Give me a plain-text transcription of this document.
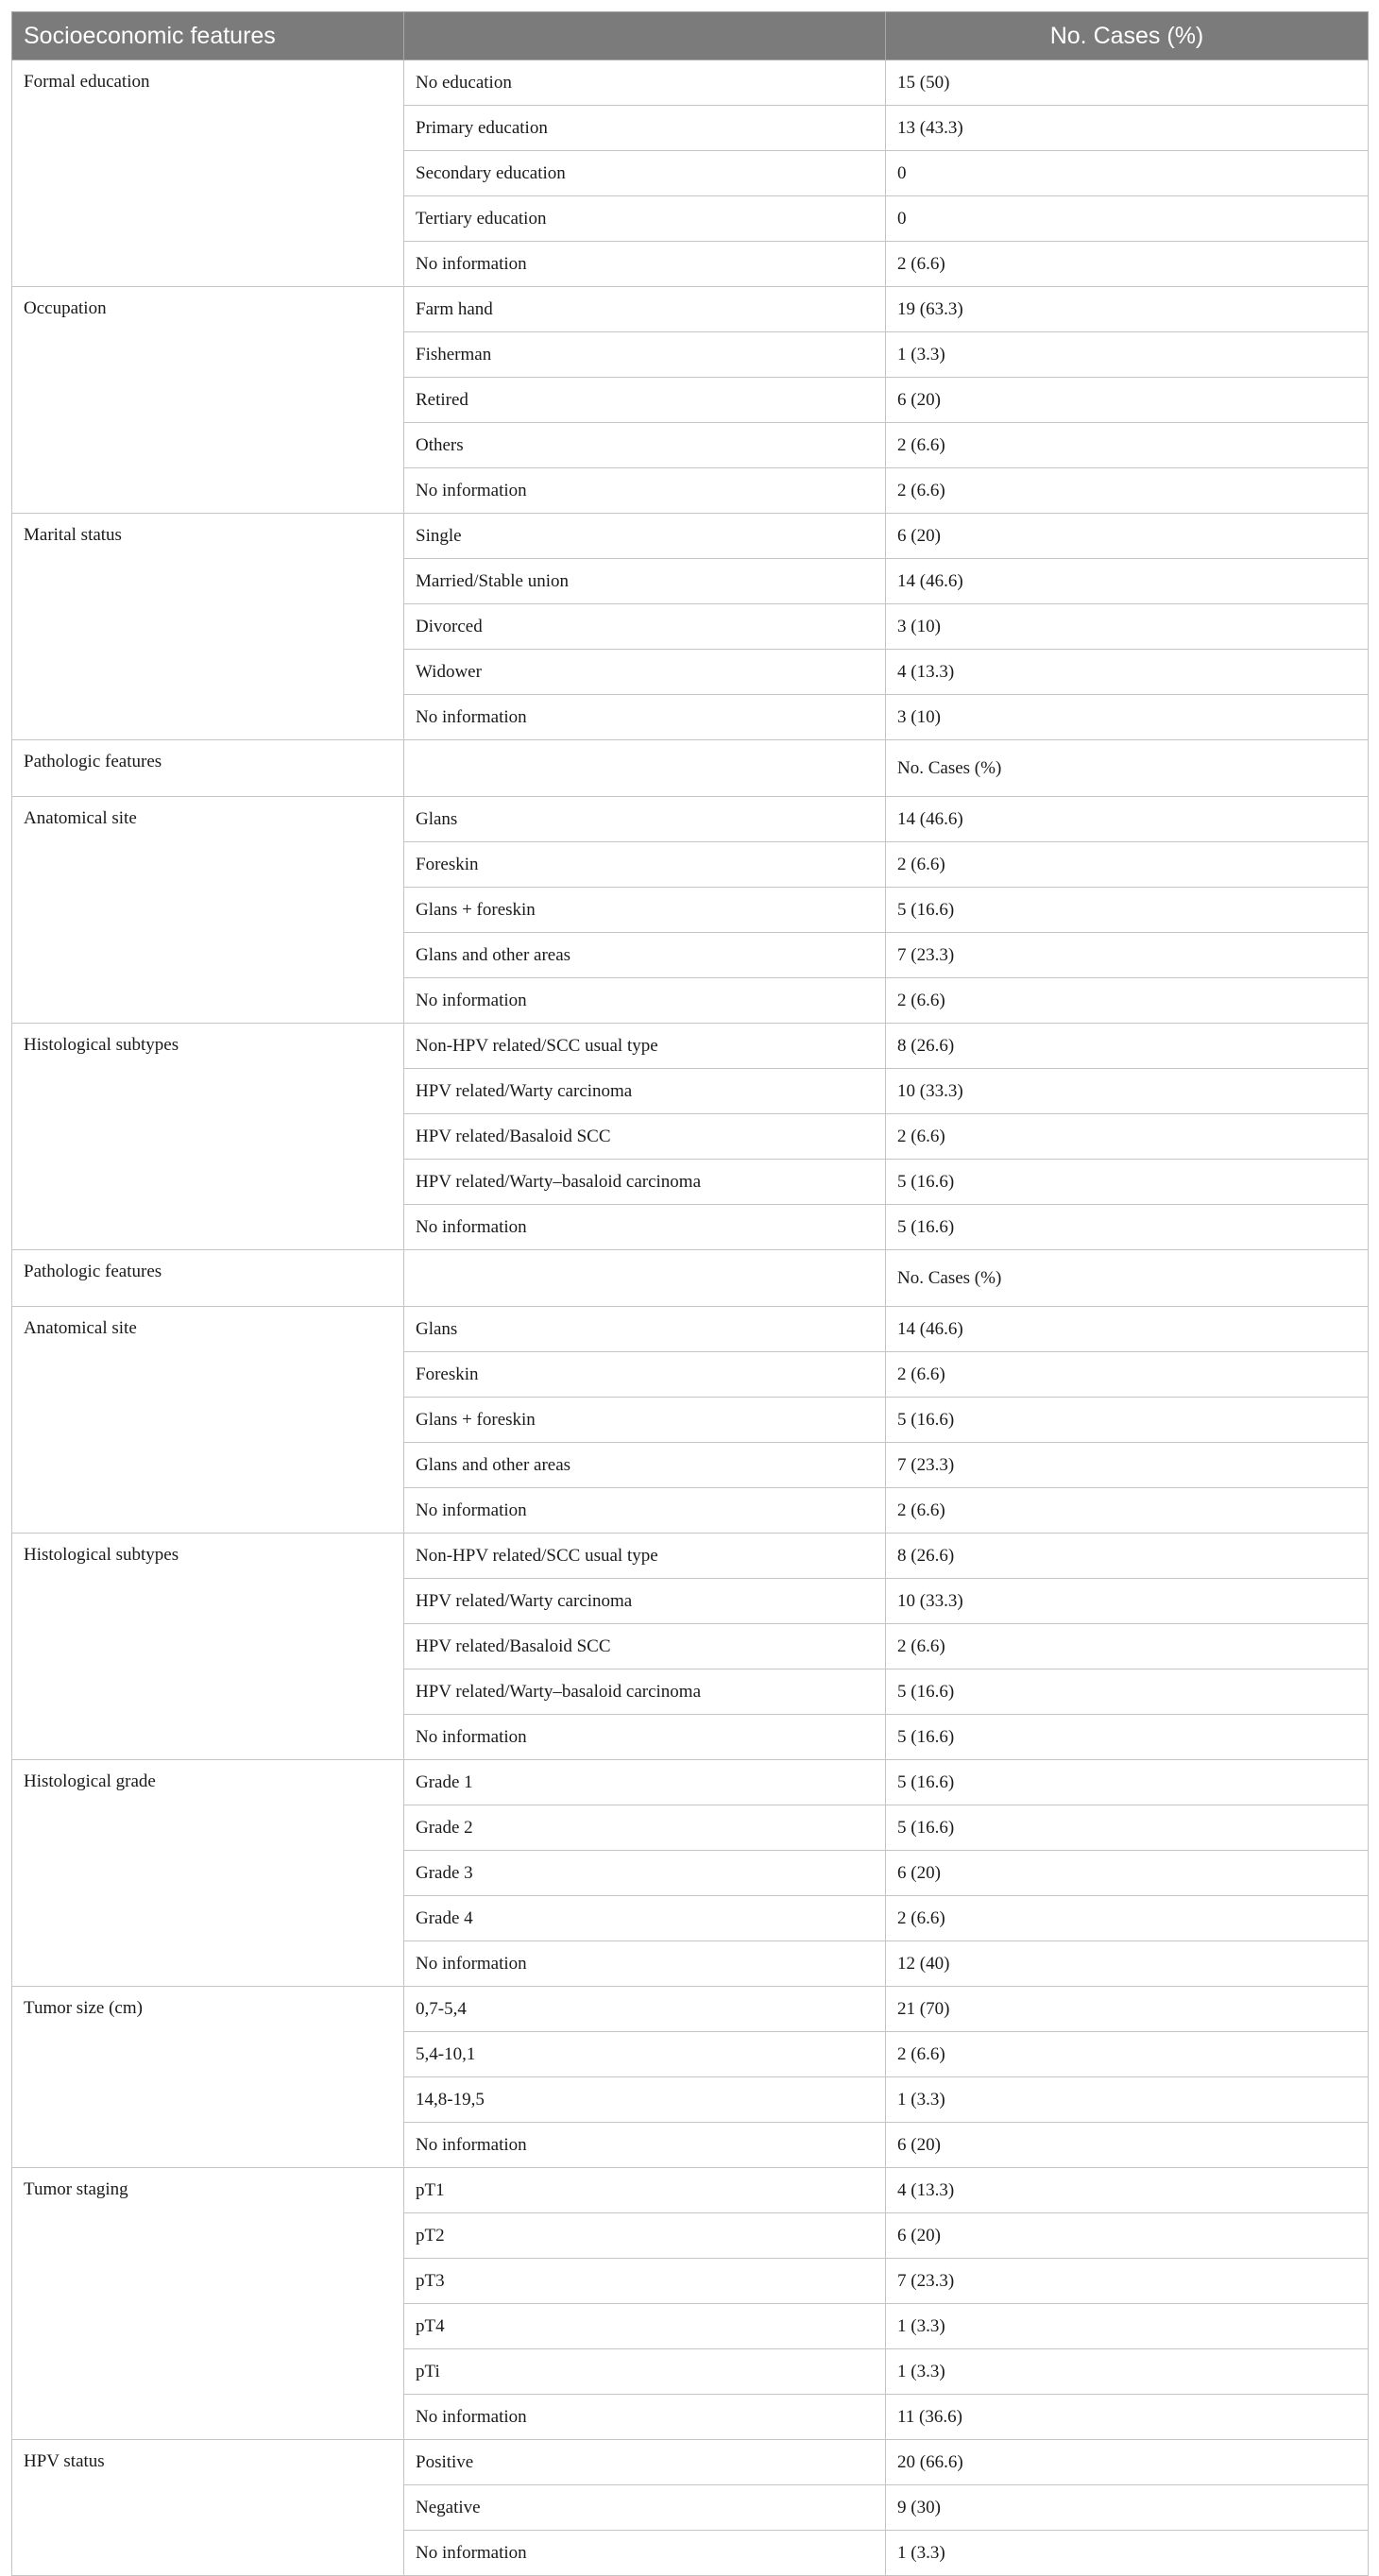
Socioeconomic features		No. Cases (%)
Formal education	No education	15 (50)
	Primary education	13 (43.3)
	Secondary education	0
	Tertiary education	0
	No information	2 (6.6)
Occupation	Farm hand	19 (63.3)
	Fisherman	1 (3.3)
	Retired	6 (20)
	Others	2 (6.6)
	No information	2 (6.6)
Marital status	Single	6 (20)
	Married/Stable union	14 (46.6)
	Divorced	3 (10)
	Widower	4 (13.3)
	No information	3 (10)
Pathologic features		No. Cases (%)
Anatomical site	Glans	14 (46.6)
	Foreskin	2 (6.6)
	Glans + foreskin	5 (16.6)
	Glans and other areas	7 (23.3)
	No information	2 (6.6)
Histological subtypes	Non-HPV related/SCC usual type	8 (26.6)
	HPV related/Warty carcinoma	10 (33.3)
	HPV related/Basaloid SCC	2 (6.6)
	HPV related/Warty–basaloid carcinoma	5 (16.6)
	No information	5 (16.6)
Pathologic features		No. Cases (%)
Anatomical site	Glans	14 (46.6)
	Foreskin	2 (6.6)
	Glans + foreskin	5 (16.6)
	Glans and other areas	7 (23.3)
	No information	2 (6.6)
Histological subtypes	Non-HPV related/SCC usual type	8 (26.6)
	HPV related/Warty carcinoma	10 (33.3)
	HPV related/Basaloid SCC	2 (6.6)
	HPV related/Warty–basaloid carcinoma	5 (16.6)
	No information	5 (16.6)
Histological grade	Grade 1	5 (16.6)
	Grade 2	5 (16.6)
	Grade 3	6 (20)
	Grade 4	2 (6.6)
	No information	12 (40)
Tumor size (cm)	0,7-5,4	21 (70)
	5,4-10,1	2 (6.6)
	14,8-19,5	1 (3.3)
	No information	6 (20)
Tumor staging	pT1	4 (13.3)
	pT2	6 (20)
	pT3	7 (23.3)
	pT4	1 (3.3)
	pTi	1 (3.3)
	No information	11 (36.6)
HPV status	Positive	20 (66.6)
	Negative	9 (30)
	No information	1 (3.3)
